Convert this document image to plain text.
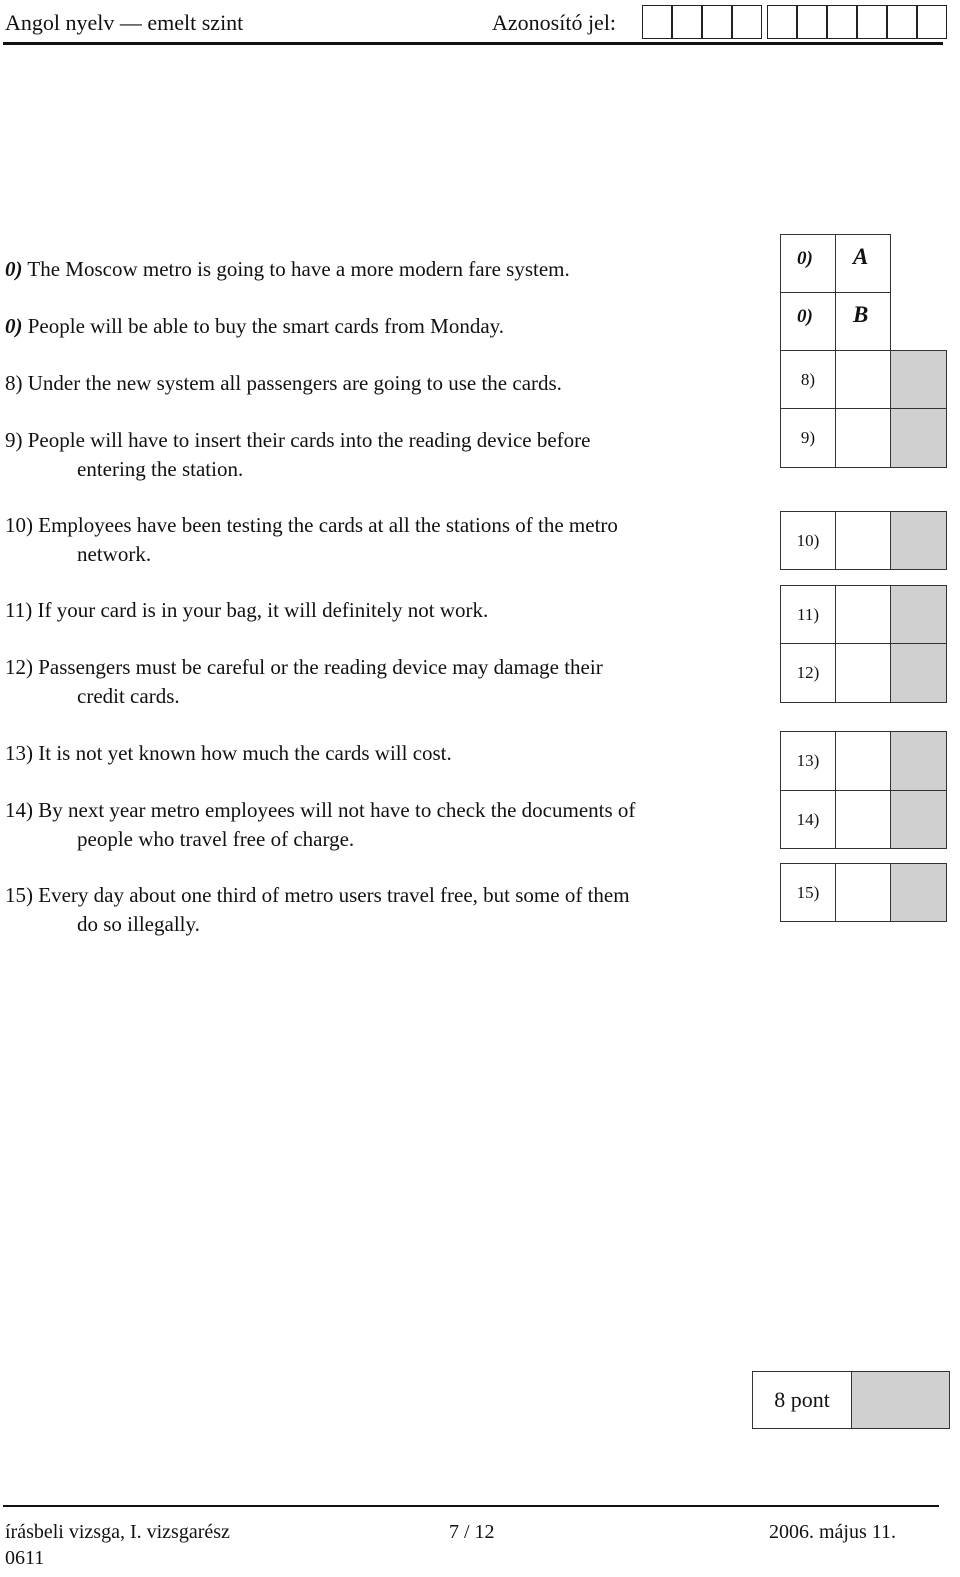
Angol nyelv — emelt szint	Azonosító jel:
0) The Moscow metro is going to have a more modern fare system.
0) People will be able to buy the smart cards from Monday.
8) Under the new system all passengers are going to use the cards.
9) People will have to insert their cards into the reading device before
entering the station.
10) Employees have been testing the cards at all the stations of the metro
network.
11) If your card is in your bag, it will definitely not work.
12) Passengers must be careful or the reading device may damage their
credit cards.
13) It is not yet known how much the cards will cost.
14) By next year metro employees will not have to check the documents of
people who travel free of charge.
15) Every day about one third of metro users travel free, but some of them
do so illegally.
0) A
0) B
8)
9)
10)
11)
12)
13)
14)
15)
8 pont
írásbeli vizsga, I. vizsgarész
0611
7 / 12	2006. május 11.
